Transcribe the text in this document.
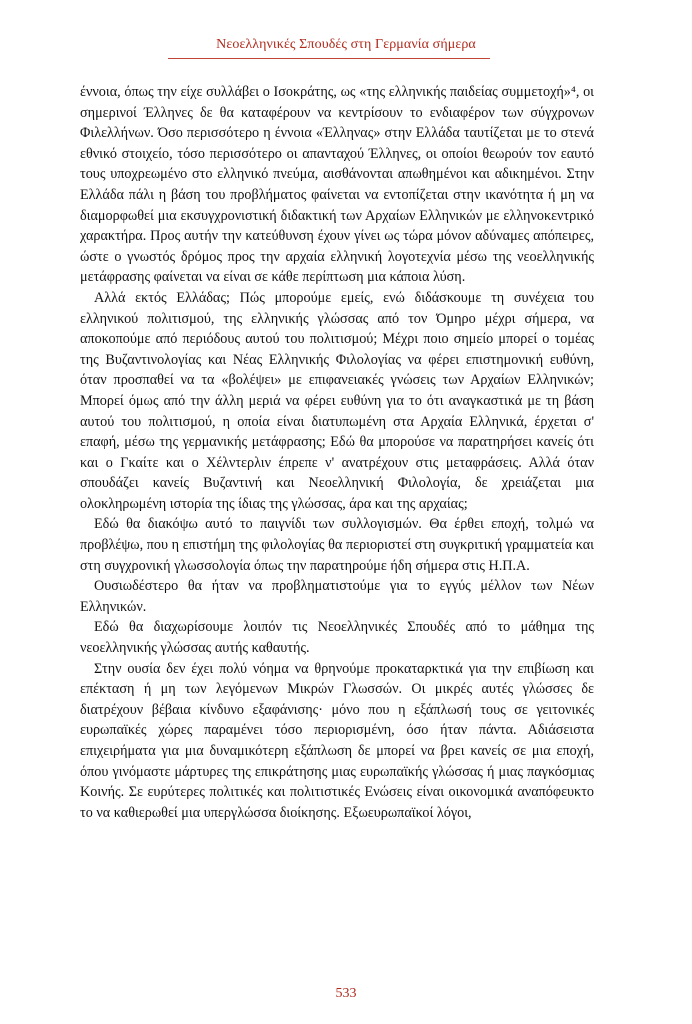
Νεοελληνικές Σπουδές στη Γερμανία σήμερα

έννοια, όπως την είχε συλλάβει ο Ισοκράτης, ως «της ελληνικής παιδείας συμμετοχή»⁴, οι σημερινοί Έλληνες δε θα καταφέρουν να κεντρίσουν το ενδιαφέρον των σύγχρονων Φιλελλήνων. Όσο περισσότερο η έννοια «Έλληνας» στην Ελλάδα ταυτίζεται με το στενά εθνικό στοιχείο, τόσο περισσότερο οι απανταχού Έλληνες, οι οποίοι θεωρούν τον εαυτό τους υποχρεωμένο στο ελληνικό πνεύμα, αισθάνονται απωθημένοι και αδικημένοι. Στην Ελλάδα πάλι η βάση του προβλήματος φαίνεται να εντοπίζεται στην ικανότητα ή μη να διαμορφωθεί μια εκσυγχρονιστική διδακτική των Αρχαίων Ελληνικών με ελληνοκεντρικό χαρακτήρα. Προς αυτήν την κατεύθυνση έχουν γίνει ως τώρα μόνον αδύναμες απόπειρες, ώστε ο γνωστός δρόμος προς την αρχαία ελληνική λογοτεχνία μέσω της νεοελληνικής μετάφρασης φαίνεται να είναι σε κάθε περίπτωση μια κάποια λύση.

Αλλά εκτός Ελλάδας; Πώς μπορούμε εμείς, ενώ διδάσκουμε τη συνέχεια του ελληνικού πολιτισμού, της ελληνικής γλώσσας από τον Όμηρο μέχρι σήμερα, να αποκοπούμε από περιόδους αυτού του πολιτισμού; Μέχρι ποιο σημείο μπορεί ο τομέας της Βυζαντινολογίας και Νέας Ελληνικής Φιλολογίας να φέρει επιστημονική ευθύνη, όταν προσπαθεί να τα «βολέψει» με επιφανειακές γνώσεις των Αρχαίων Ελληνικών; Μπορεί όμως από την άλλη μεριά να φέρει ευθύνη για το ότι αναγκαστικά με τη βάση αυτού του πολιτισμού, η οποία είναι διατυπωμένη στα Αρχαία Ελληνικά, έρχεται σ' επαφή, μέσω της γερμανικής μετάφρασης; Εδώ θα μπορούσε να παρατηρήσει κανείς ότι και ο Γκαίτε και ο Χέλντερλιν έπρεπε ν' ανατρέχουν στις μεταφράσεις. Αλλά όταν σπουδάζει κανείς Βυζαντινή και Νεοελληνική Φιλολογία, δε χρειάζεται μια ολοκληρωμένη ιστορία της ίδιας της γλώσσας, άρα και της αρχαίας;

Εδώ θα διακόψω αυτό το παιγνίδι των συλλογισμών. Θα έρθει εποχή, τολμώ να προβλέψω, που η επιστήμη της φιλολογίας θα περιοριστεί στη συγκριτική γραμματεία και στη συγχρονική γλωσσολογία όπως την παρατηρούμε ήδη σήμερα στις Η.Π.Α.

Ουσιωδέστερο θα ήταν να προβληματιστούμε για το εγγύς μέλλον των Νέων Ελληνικών.

Εδώ θα διαχωρίσουμε λοιπόν τις Νεοελληνικές Σπουδές από το μάθημα της νεοελληνικής γλώσσας αυτής καθαυτής.

Στην ουσία δεν έχει πολύ νόημα να θρηνούμε προκαταρκτικά για την επιβίωση και επέκταση ή μη των λεγόμενων Μικρών Γλωσσών. Οι μικρές αυτές γλώσσες δε διατρέχουν βέβαια κίνδυνο εξαφάνισης· μόνο που η εξάπλωσή τους σε γειτονικές ευρωπαϊκές χώρες παραμένει τόσο περιορισμένη, όσο ήταν πάντα. Αδιάσειστα επιχειρήματα για μια δυναμικότερη εξάπλωση δε μπορεί να βρει κανείς σε μια εποχή, όπου γινόμαστε μάρτυρες της επικράτησης μιας ευρωπαϊκής γλώσσας ή μιας παγκόσμιας Κοινής. Σε ευρύτερες πολιτικές και πολιτιστικές Ενώσεις είναι οικονομικά αναπόφευκτο το να καθιερωθεί μια υπεργλώσσα διοίκησης. Εξωευρωπαϊκοί λόγοι,

533
